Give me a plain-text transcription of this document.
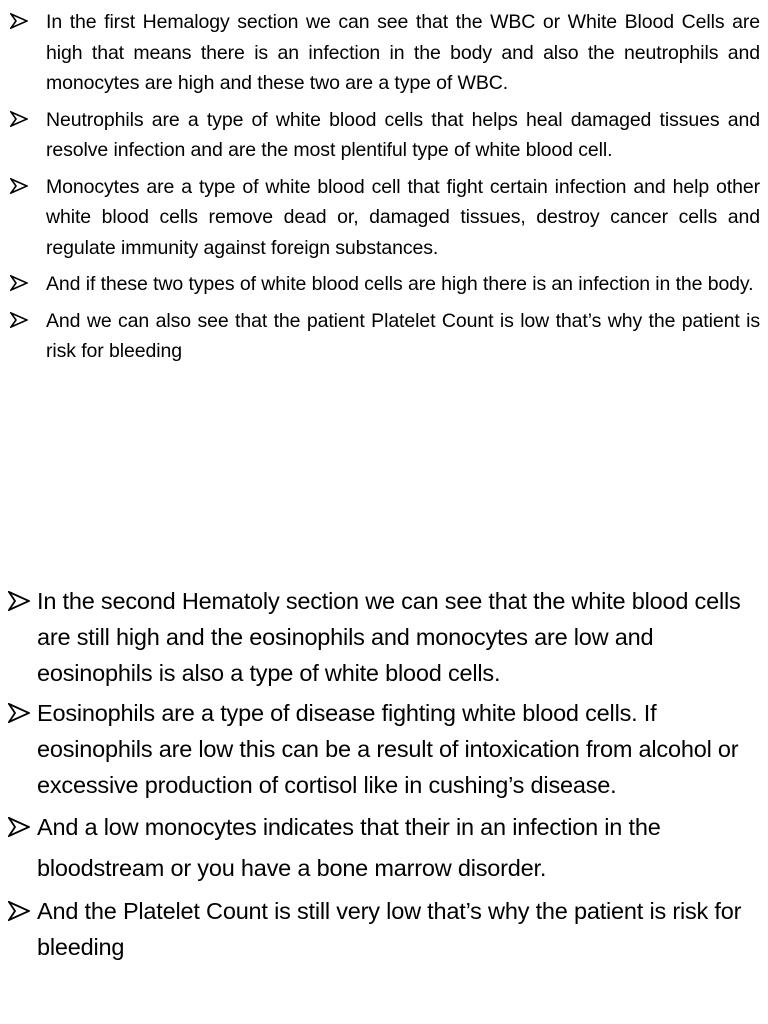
In the first Hemalogy section we can see that the WBC or White Blood Cells are high that means there is an infection in the body and also the neutrophils and monocytes are high and these two are a type of WBC.
Neutrophils are a type of white blood cells that helps heal damaged tissues and resolve infection and are the most plentiful type of white blood cell.
Monocytes are a type of white blood cell that fight certain infection and help other white blood cells remove dead or, damaged tissues, destroy cancer cells and regulate immunity against foreign substances.
And if these two types of white blood cells are high there is an infection in the body.
And we can also see that the patient Platelet Count is low that’s why the patient is risk for bleeding
In the second Hematoly section we can see that the white blood cells are still high and the eosinophils and monocytes are low and eosinophils is also a type of white blood cells.
Eosinophils are a type of disease fighting white blood cells. If eosinophils are low this can be a result of intoxication from alcohol or excessive production of cortisol like in cushing’s disease.
And a low monocytes indicates that their in an infection in the bloodstream or you have a bone marrow disorder.
And the Platelet Count is still very low that’s why the patient is risk for bleeding
